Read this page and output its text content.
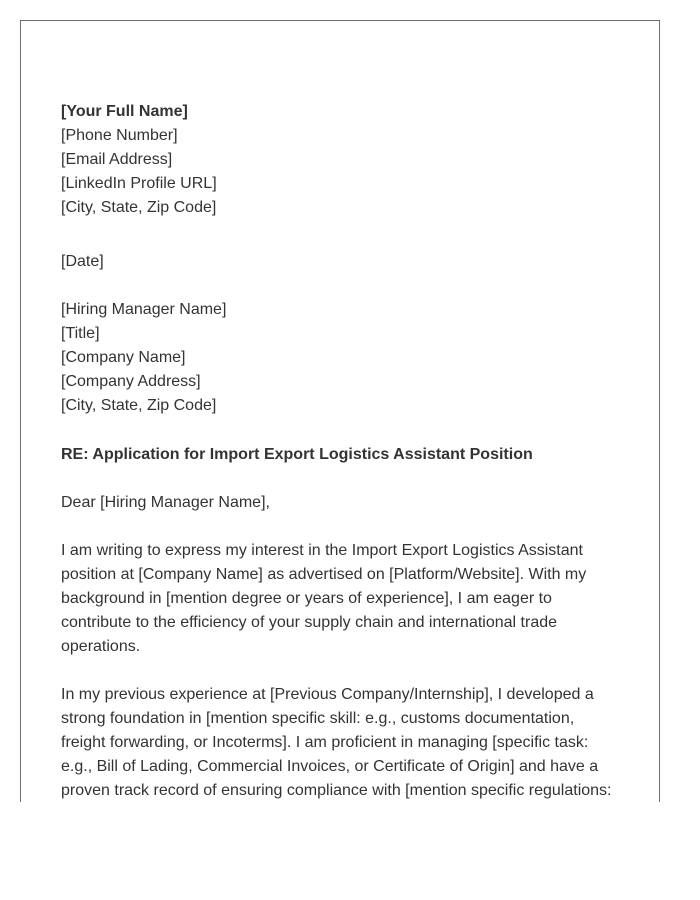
[Your Full Name]
[Phone Number]
[Email Address]
[LinkedIn Profile URL]
[City, State, Zip Code]
[Date]
[Hiring Manager Name]
[Title]
[Company Name]
[Company Address]
[City, State, Zip Code]
RE: Application for Import Export Logistics Assistant Position
Dear [Hiring Manager Name],
I am writing to express my interest in the Import Export Logistics Assistant
position at [Company Name] as advertised on [Platform/Website]. With my
background in [mention degree or years of experience], I am eager to
contribute to the efficiency of your supply chain and international trade
operations.
In my previous experience at [Previous Company/Internship], I developed a
strong foundation in [mention specific skill: e.g., customs documentation,
freight forwarding, or Incoterms]. I am proficient in managing [specific task:
e.g., Bill of Lading, Commercial Invoices, or Certificate of Origin] and have a
proven track record of ensuring compliance with [mention specific regulations:
